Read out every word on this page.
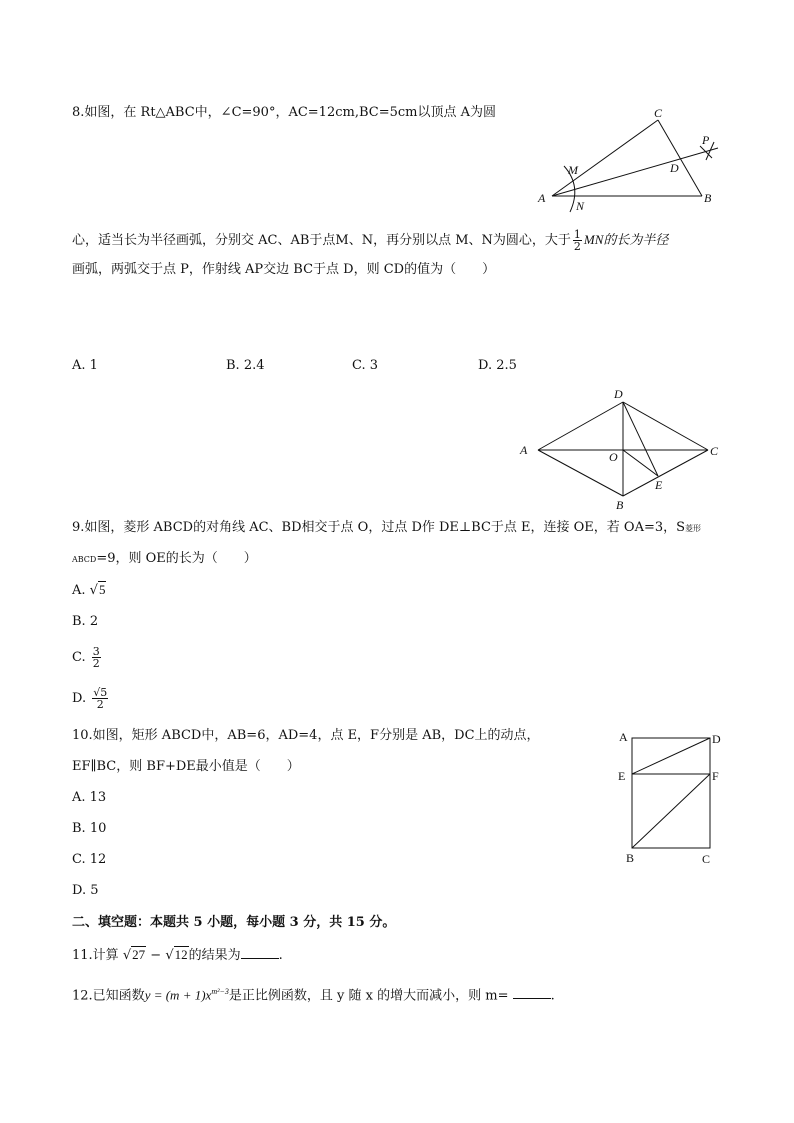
8.如图，在 Rt△ABC中，∠C=90°，AC=12cm,BC=5cm以顶点 A为圆
A	B
C
D
M
N
P
心，适当长为半径画弧，分别交 AC、AB于点M、N，再分别以点 M、N为圆心，大于 $\frac{1}{2}$ MN的长为半径
画弧，两弧交于点 P，作射线 AP交边 BC于点 D，则 CD的值为（　　）
A. 1	B. 2.4	C. 3	D. 2.5
A	C
D
B
O
E
9.如图，菱形 ABCD的对角线 AC、BD相交于点 O，过点 D作 DE⊥BC于点 E，连接 OE，若 OA=3，S菱形
ABCD=9，则 OE的长为（　　）
A. √5
B. 2
C. $\frac{3}{2}$
D. $\frac{√5}{2}$
10.如图，矩形 ABCD中，AB=6，AD=4，点 E，F分别是 AB，DC上的动点，
EF∥BC，则 BF+DE最小值是（　　）
A. 13
B. 10
C. 12
D. 5
A	D
E	F
B	C
二、填空题：本题共 5 小题，每小题 3 分，共 15 分。
11.计算 √27 − √12的结果为	.
12.已知函数$y = (m + 1)x^{m^2-3}$是正比例函数，且 y 随 x 的增大而减小，则 m=	.
